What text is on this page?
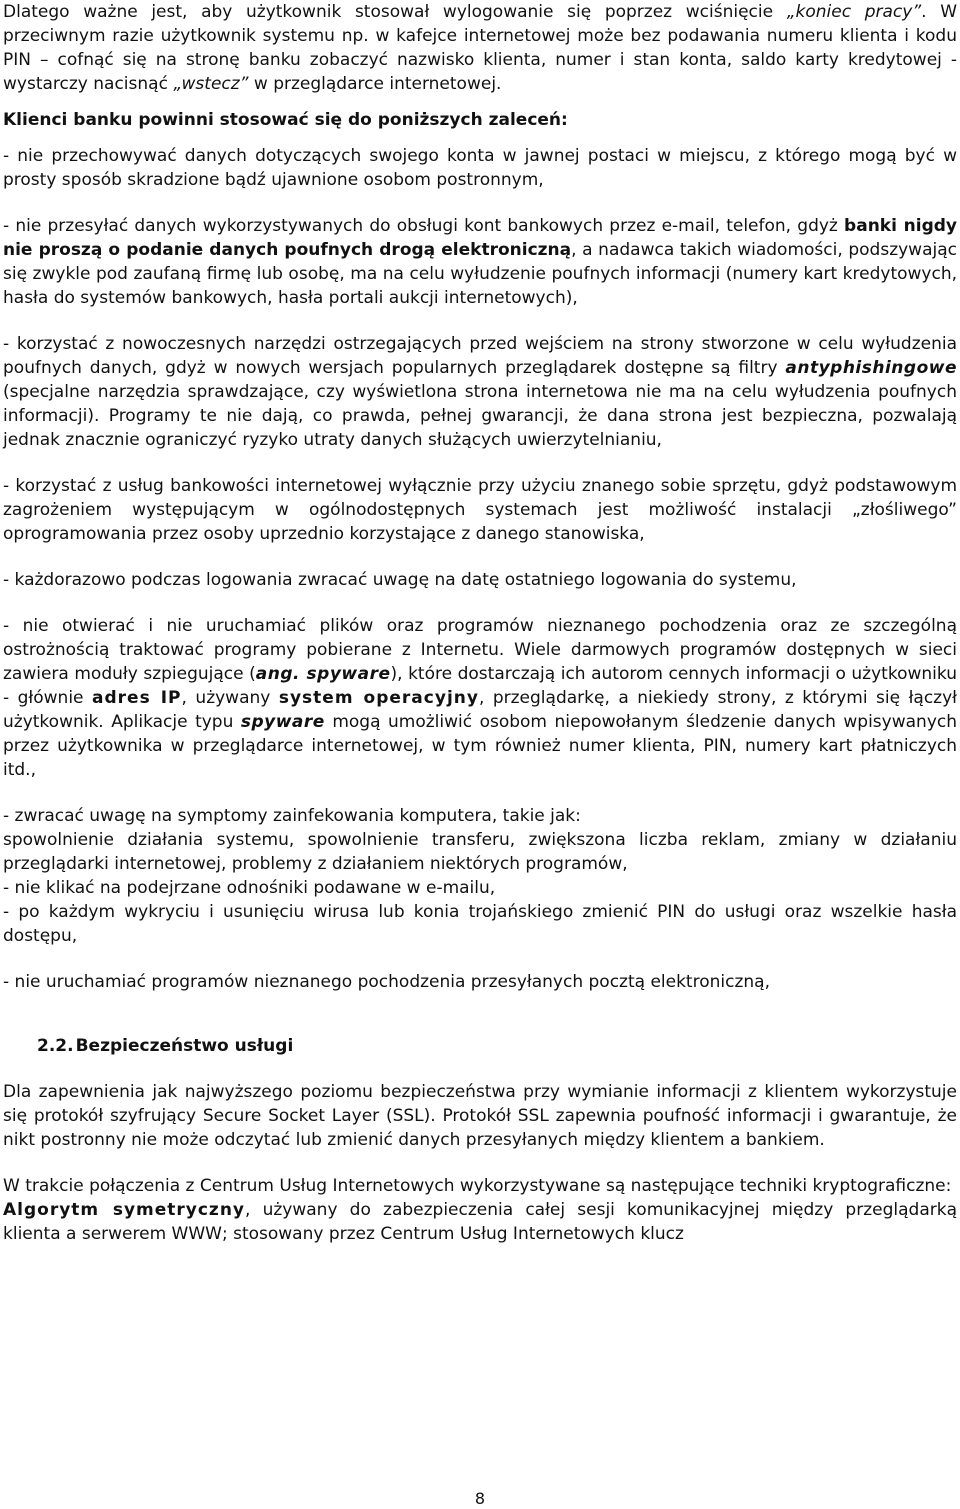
Dlatego ważne jest, aby użytkownik stosował wylogowanie się poprzez wciśnięcie „koniec pracy”. W przeciwnym razie użytkownik systemu np. w kafejce internetowej może bez podawania numeru klienta i kodu PIN – cofnąć się na stronę banku zobaczyć nazwisko klienta, numer i stan konta, saldo karty kredytowej - wystarczy nacisnąć „wstecz” w przeglądarce internetowej.

Klienci banku powinni stosować się do poniższych zaleceń:

- nie przechowywać danych dotyczących swojego konta w jawnej postaci w miejscu, z którego mogą być w prosty sposób skradzione bądź ujawnione osobom postronnym,

- nie przesyłać danych wykorzystywanych do obsługi kont bankowych przez e-mail, telefon, gdyż banki nigdy nie proszą o podanie danych poufnych drogą elektroniczną, a nadawca takich wiadomości, podszywając się zwykle pod zaufaną firmę lub osobę, ma na celu wyłudzenie poufnych informacji (numery kart kredytowych, hasła do systemów bankowych, hasła portali aukcji internetowych),

- korzystać z nowoczesnych narzędzi ostrzegających przed wejściem na strony stworzone w celu wyłudzenia poufnych danych, gdyż w nowych wersjach popularnych przeglądarek dostępne są filtry antyphishingowe (specjalne narzędzia sprawdzające, czy wyświetlona strona internetowa nie ma na celu wyłudzenia poufnych informacji). Programy te nie dają, co prawda, pełnej gwarancji, że dana strona jest bezpieczna, pozwalają jednak znacznie ograniczyć ryzyko utraty danych służących uwierzytelnianiu,

- korzystać z usług bankowości internetowej wyłącznie przy użyciu znanego sobie sprzętu, gdyż podstawowym zagrożeniem występującym w ogólnodostępnych systemach jest możliwość instalacji „złośliwego” oprogramowania przez osoby uprzednio korzystające z danego stanowiska,

- każdorazowo podczas logowania zwracać uwagę na datę ostatniego logowania do systemu,

- nie otwierać i nie uruchamiać plików oraz programów nieznanego pochodzenia oraz ze szczególną ostrożnością traktować programy pobierane z Internetu. Wiele darmowych programów dostępnych w sieci zawiera moduły szpiegujące (ang. spyware), które dostarczają ich autorom cennych informacji o użytkowniku - głównie adres IP, używany system operacyjny, przeglądarkę, a niekiedy strony, z którymi się łączył użytkownik. Aplikacje typu spyware mogą umożliwić osobom niepowołanym śledzenie danych wpisywanych przez użytkownika w przeglądarce internetowej, w tym również numer klienta, PIN, numery kart płatniczych itd.,

- zwracać uwagę na symptomy zainfekowania komputera, takie jak:

spowolnienie działania systemu, spowolnienie transferu, zwiększona liczba reklam, zmiany w działaniu przeglądarki internetowej, problemy z działaniem niektórych programów,

- nie klikać na podejrzane odnośniki podawane w e-mailu,

- po każdym wykryciu i usunięciu wirusa lub konia trojańskiego zmienić PIN do usługi oraz wszelkie hasła dostępu,

- nie uruchamiać programów nieznanego pochodzenia przesyłanych pocztą elektroniczną,

2.2. Bezpieczeństwo usługi

Dla zapewnienia jak najwyższego poziomu bezpieczeństwa przy wymianie informacji z klientem wykorzystuje się protokół szyfrujący Secure Socket Layer (SSL). Protokół SSL zapewnia poufność informacji i gwarantuje, że nikt postronny nie może odczytać lub zmienić danych przesyłanych między klientem a bankiem.

W trakcie połączenia z Centrum Usług Internetowych wykorzystywane są następujące techniki kryptograficzne:

Algorytm symetryczny, używany do zabezpieczenia całej sesji komunikacyjnej między przeglądarką klienta a serwerem WWW; stosowany przez Centrum Usług Internetowych klucz

8
